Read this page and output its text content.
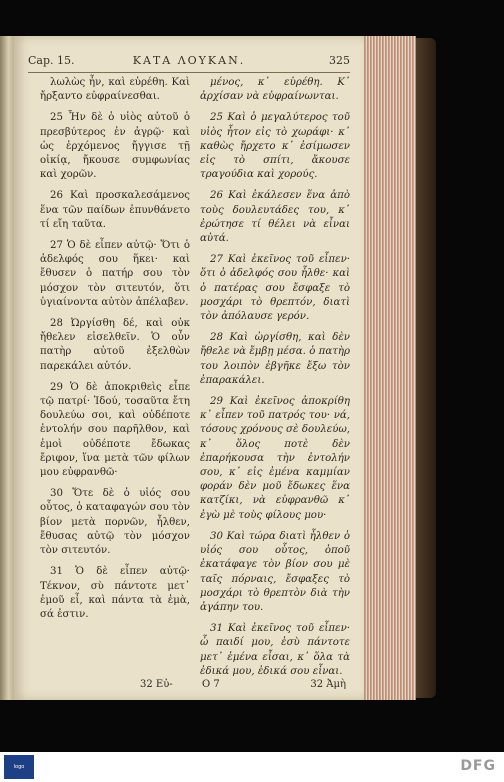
Cap. 15.	ΚΑΤΑ ΛΟΥΚΑΝ.	325

λωλὼς ἦν, καὶ εὑρέθη. Καὶ ἤρξαντο εὐφραίνεσθαι.

25 Ἦν δὲ ὁ υἱὸς αὐτοῦ ὁ πρεσβύτερος ἐν ἀγρῷ· καὶ ὡς ἐρχόμενος ἤγγισε τῇ οἰκίᾳ, ἤκουσε συμφωνίας καὶ χορῶν.

26 Καὶ προσκαλεσάμενος ἕνα τῶν παίδων ἐπυνθάνετο τί εἴη ταῦτα.

27 Ὁ δὲ εἶπεν αὐτῷ· Ὅτι ὁ ἀδελφός σου ἥκει· καὶ ἔθυσεν ὁ πατήρ σου τὸν μόσχον τὸν σιτευτόν, ὅτι ὑγιαίνοντα αὐτὸν ἀπέλαβεν.

28 Ὠργίσθη δέ, καὶ οὐκ ἤθελεν εἰσελθεῖν. Ὁ οὖν πατὴρ αὐτοῦ ἐξελθὼν παρεκάλει αὐτόν.

29 Ὁ δὲ ἀποκριθεὶς εἶπε τῷ πατρί· Ἰδού, τοσαῦτα ἔτη δουλεύω σοι, καὶ οὐδέποτε ἐντολήν σου παρῆλθον, καὶ ἐμοὶ οὐδέποτε ἔδωκας ἔριφον, ἵνα μετὰ τῶν φίλων μου εὐφρανθῶ·

30 Ὅτε δὲ ὁ υἱός σου οὗτος, ὁ καταφαγών σου τὸν βίον μετὰ πορνῶν, ἦλθεν, ἔθυσας αὐτῷ τὸν μόσχον τὸν σιτευτόν.

31 Ὁ δὲ εἶπεν αὐτῷ· Τέκνον, σὺ πάντοτε μετ᾽ ἐμοῦ εἶ, καὶ πάντα τὰ ἐμὰ, σά ἐστιν.

μένος, κ᾽ εὑρέθη. Κ᾽ ἀρχίσαν νὰ εὐφραίνωνται.

25 Καὶ ὁ μεγαλύτερος τοῦ υἱὸς ἦτον εἰς τὸ χωράφι· κ᾽ καθὼς ἤρχετο κ᾽ ἐσίμωσεν εἰς τὸ σπίτι, ἄκουσε τραγούδια καὶ χορούς.

26 Καὶ ἐκάλεσεν ἕνα ἀπὸ τοὺς δουλευτάδες του, κ᾽ ἐρώτησε τί θέλει νὰ εἶναι αὐτά.

27 Καὶ ἐκεῖνος τοῦ εἶπεν· ὅτι ὁ ἀδελφός σου ἦλθε· καὶ ὁ πατέρας σου ἔσφαξε τὸ μοσχάρι τὸ θρεπτόν, διατὶ τὸν ἀπόλαυσε γερόν.

28 Καὶ ὠργίσθη, καὶ δὲν ἤθελε νὰ ἔμβῃ μέσα. ὁ πατὴρ του λοιπὸν ἐβγῆκε ἔξω τὸν ἐπαρακάλει.

29 Καὶ ἐκεῖνος ἀποκρίθη κ᾽ εἶπεν τοῦ πατρός του· νά, τόσους χρόνους σὲ δουλεύω, κ᾽ ὅλος ποτὲ δὲν ἐπαρήκουσα τὴν ἐντολήν σου, κ᾽ εἰς ἐμένα καμμίαν φοράν δὲν μοῦ ἔδωκες ἕνα κατζίκι, νὰ εὐφρανθῶ κ᾽ ἐγὼ μὲ τοὺς φίλους μου·

30 Καὶ τώρα διατὶ ἦλθεν ὁ υἱός σου οὗτος, ὁποῦ ἐκατάφαγε τὸν βίον σου μὲ ταῖς πόρναις, ἔσφαξες τὸ μοσχάρι τὸ θρεπτὸν διὰ τὴν ἀγάπην του.

31 Καὶ ἐκεῖνος τοῦ εἶπεν· ὦ παιδί μου, ἐσὺ πάντοτε μετ᾽ ἐμένα εἶσαι, κ᾽ ὅλα τὰ ἐδικά μου, ἐδικά σου εἶναι.

32 Εὐ-	O 7	32 Ἀμὴ
logo	DFG
